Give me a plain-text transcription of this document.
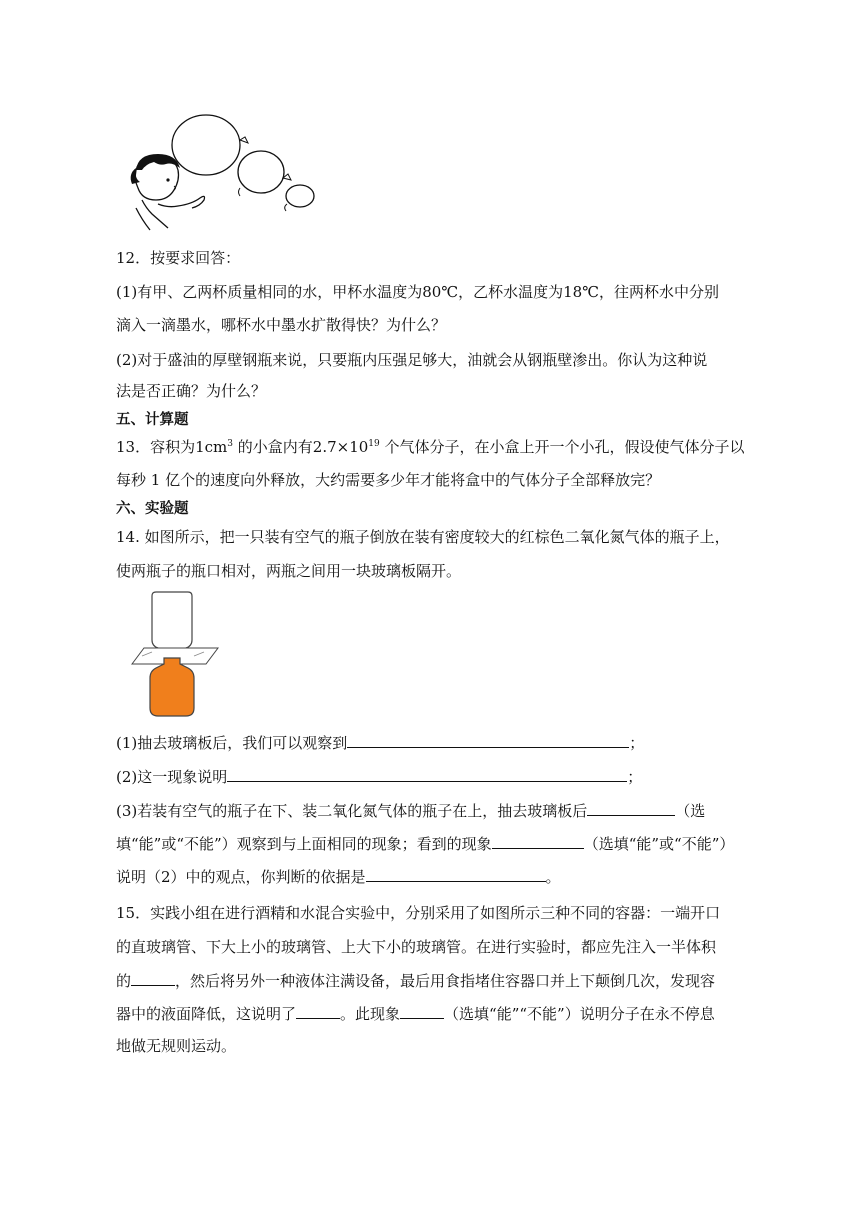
12．按要求回答：
(1)有甲、乙两杯质量相同的水，甲杯水温度为80℃，乙杯水温度为18℃，往两杯水中分别
滴入一滴墨水，哪杯水中墨水扩散得快？为什么？
(2)对于盛油的厚壁钢瓶来说，只要瓶内压强足够大，油就会从钢瓶壁渗出。你认为这种说
法是否正确？为什么？
五、计算题
13．容积为$1cm^3$ 的小盒内有$2.7\times 10^{19}$ 个气体分子，在小盒上开一个小孔，假设使气体分子以
每秒 1 亿个的速度向外释放，大约需要多少年才能将盒中的气体分子全部释放完？
六、实验题
14. 如图所示，把一只装有空气的瓶子倒放在装有密度较大的红棕色二氧化氮气体的瓶子上，
使两瓶子的瓶口相对，两瓶之间用一块玻璃板隔开。
(1)抽去玻璃板后，我们可以观察到	；
(2)这一现象说明	；
(3)若装有空气的瓶子在下、装二氧化氮气体的瓶子在上，抽去玻璃板后	（选
填“能”或“不能”）观察到与上面相同的现象；看到的现象	（选填“能”或“不能”）
说明（2）中的观点，你判断的依据是	。
15．实践小组在进行酒精和水混合实验中，分别采用了如图所示三种不同的容器：一端开口
的直玻璃管、下大上小的玻璃管、上大下小的玻璃管。在进行实验时，都应先注入一半体积
的	，然后将另外一种液体注满设备，最后用食指堵住容器口并上下颠倒几次，发现容
器中的液面降低，这说明了	。此现象	（选填“能”“不能”）说明分子在永不停息
地做无规则运动。
